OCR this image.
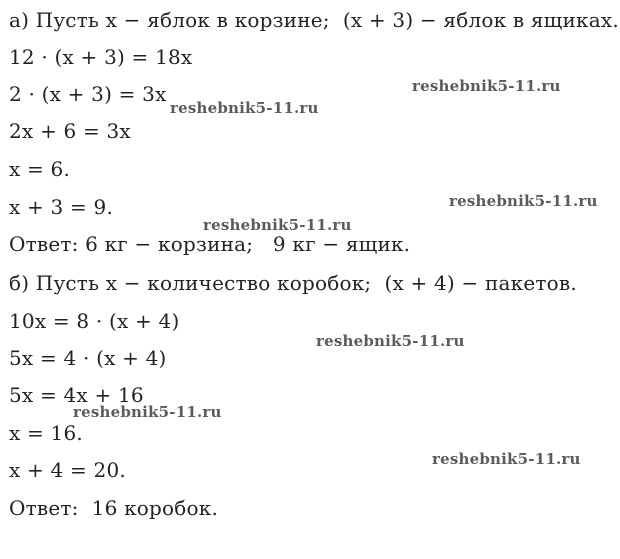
а) Пусть x − яблок в корзине;  (x + 3) − яблок в ящиках.
12 · (x + 3) = 18x
2 · (x + 3) = 3x
2x + 6 = 3x
x = 6.
x + 3 = 9.
Ответ: 6 кг − корзина;   9 кг − ящик.
б) Пусть x − количество коробок;  (x + 4) − пакетов.
10x = 8 · (x + 4)
5x = 4 · (x + 4)
5x = 4x + 16
x = 16.
x + 4 = 20.
Ответ:  16 коробок.
reshebnik5-11.ru
reshebnik5-11.ru
reshebnik5-11.ru
reshebnik5-11.ru
reshebnik5-11.ru
reshebnik5-11.ru
reshebnik5-11.ru
